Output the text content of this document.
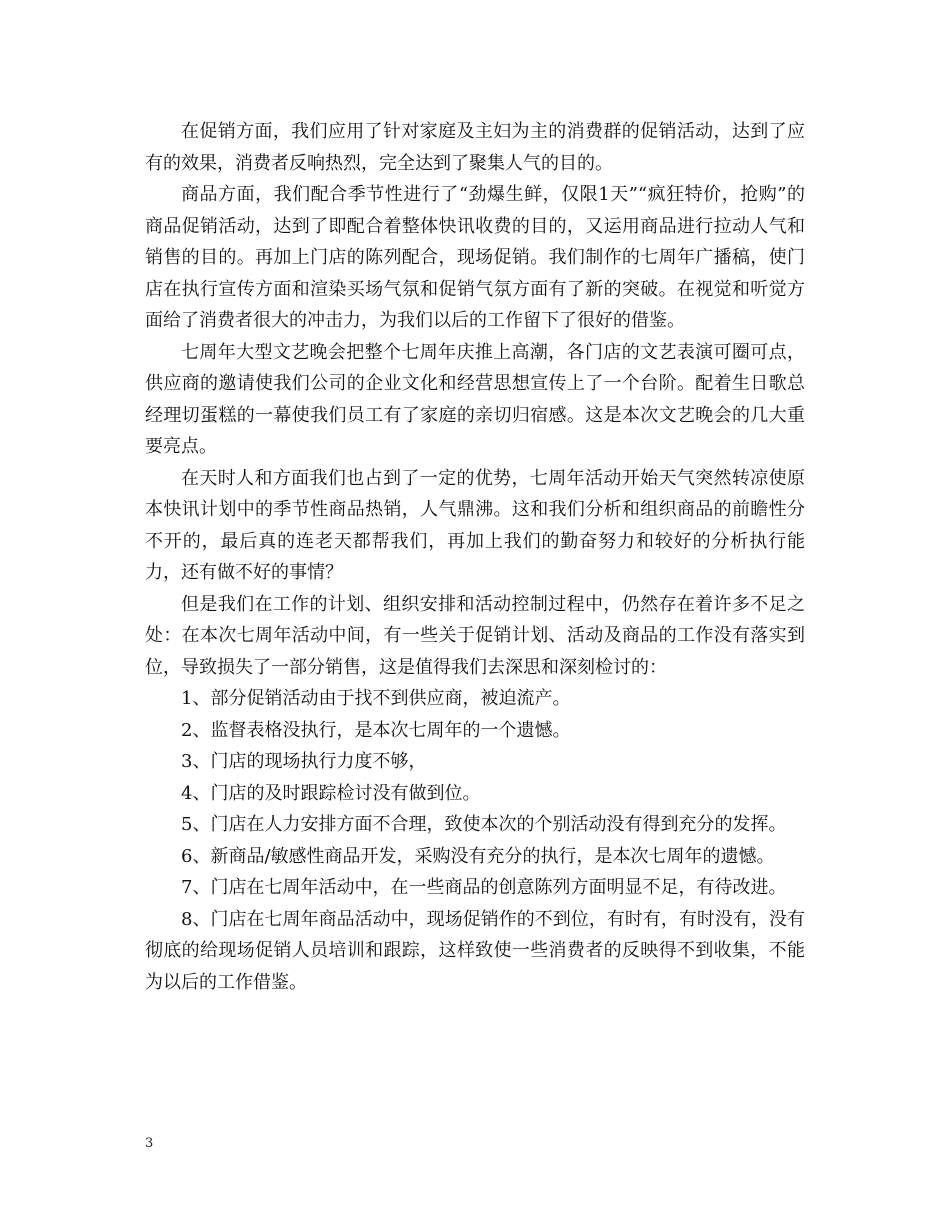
在促销方面，我们应用了针对家庭及主妇为主的消费群的促销活动，达到了应有的效果，消费者反响热烈，完全达到了聚集人气的目的。

商品方面，我们配合季节性进行了“劲爆生鲜，仅限1天”“疯狂特价，抢购”的商品促销活动，达到了即配合着整体快讯收费的目的，又运用商品进行拉动人气和销售的目的。再加上门店的陈列配合，现场促销。我们制作的七周年广播稿，使门店在执行宣传方面和渲染买场气氛和促销气氛方面有了新的突破。在视觉和听觉方面给了消费者很大的冲击力，为我们以后的工作留下了很好的借鉴。

七周年大型文艺晚会把整个七周年庆推上高潮，各门店的文艺表演可圈可点，供应商的邀请使我们公司的企业文化和经营思想宣传上了一个台阶。配着生日歌总经理切蛋糕的一幕使我们员工有了家庭的亲切归宿感。这是本次文艺晚会的几大重要亮点。

在天时人和方面我们也占到了一定的优势，七周年活动开始天气突然转凉使原本快讯计划中的季节性商品热销，人气鼎沸。这和我们分析和组织商品的前瞻性分不开的，最后真的连老天都帮我们，再加上我们的勤奋努力和较好的分析执行能力，还有做不好的事情？

但是我们在工作的计划、组织安排和活动控制过程中，仍然存在着许多不足之处：在本次七周年活动中间，有一些关于促销计划、活动及商品的工作没有落实到位，导致损失了一部分销售，这是值得我们去深思和深刻检讨的：

1、部分促销活动由于找不到供应商，被迫流产。

2、监督表格没执行，是本次七周年的一个遗憾。

3、门店的现场执行力度不够，

4、门店的及时跟踪检讨没有做到位。

5、门店在人力安排方面不合理，致使本次的个别活动没有得到充分的发挥。

6、新商品/敏感性商品开发，采购没有充分的执行，是本次七周年的遗憾。

7、门店在七周年活动中，在一些商品的创意陈列方面明显不足，有待改进。

8、门店在七周年商品活动中，现场促销作的不到位，有时有，有时没有，没有彻底的给现场促销人员培训和跟踪，这样致使一些消费者的反映得不到收集，不能为以后的工作借鉴。

3
